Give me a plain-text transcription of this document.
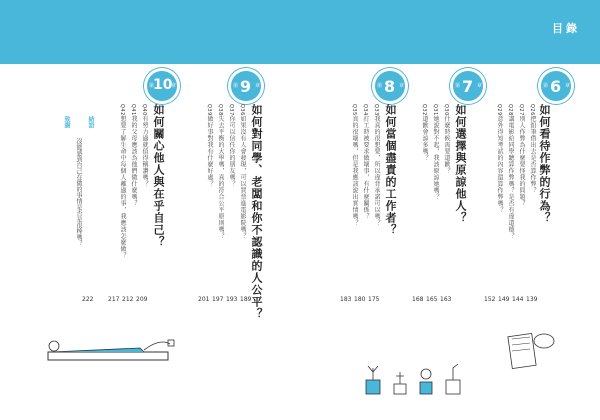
目錄
第 6 章
如何看待作弊的行為？
Q26把鉛筆借出去是否算作弊？
Q27別人作弊為什麼要怪我的問題？
Q28講電影給同學聽算作弊嗎？是否有違道德？
Q29意外得知考試的內容還算作弊嗎？
139
144
149
152
第 7 章
如何選擇與原諒他人？
Q30什麼時候需要道歉？
Q31她說對不起，我該原諒她嗎？
Q32道歉會諒多嗎？
163
165
168
第 8 章
如何當個盡責的工作者？
Q33我真的很想要，所以違背承諾可以嗎？
Q34打工時被要求做壞事，有什麼關係？
Q35真的很壞嗎，但是我應該說出實情嗎？
175
180
183
第 9 章
如何對同學、老闆和你不認識的人公平？
Q36如果沒有人會發現，可以買票進電影院嗎？
Q37你可以信任你的朋友嗎？
Q38失去平衡的大學嗎，真的符合公平原則嗎？
Q39做好事對我有什麼好處？
189
193
197
201
第
10
章
如何關心他人與在乎自己？
Q40有努力過就值得稱讚嗎？
Q41我的父母應該為他們做什麼嗎？
Q42想要了解生命中每個人離過的事，我應該怎麼做？
209
212
217
結語
致謝
沒能感到自己在做的事情是否是很棒嗎？
222
